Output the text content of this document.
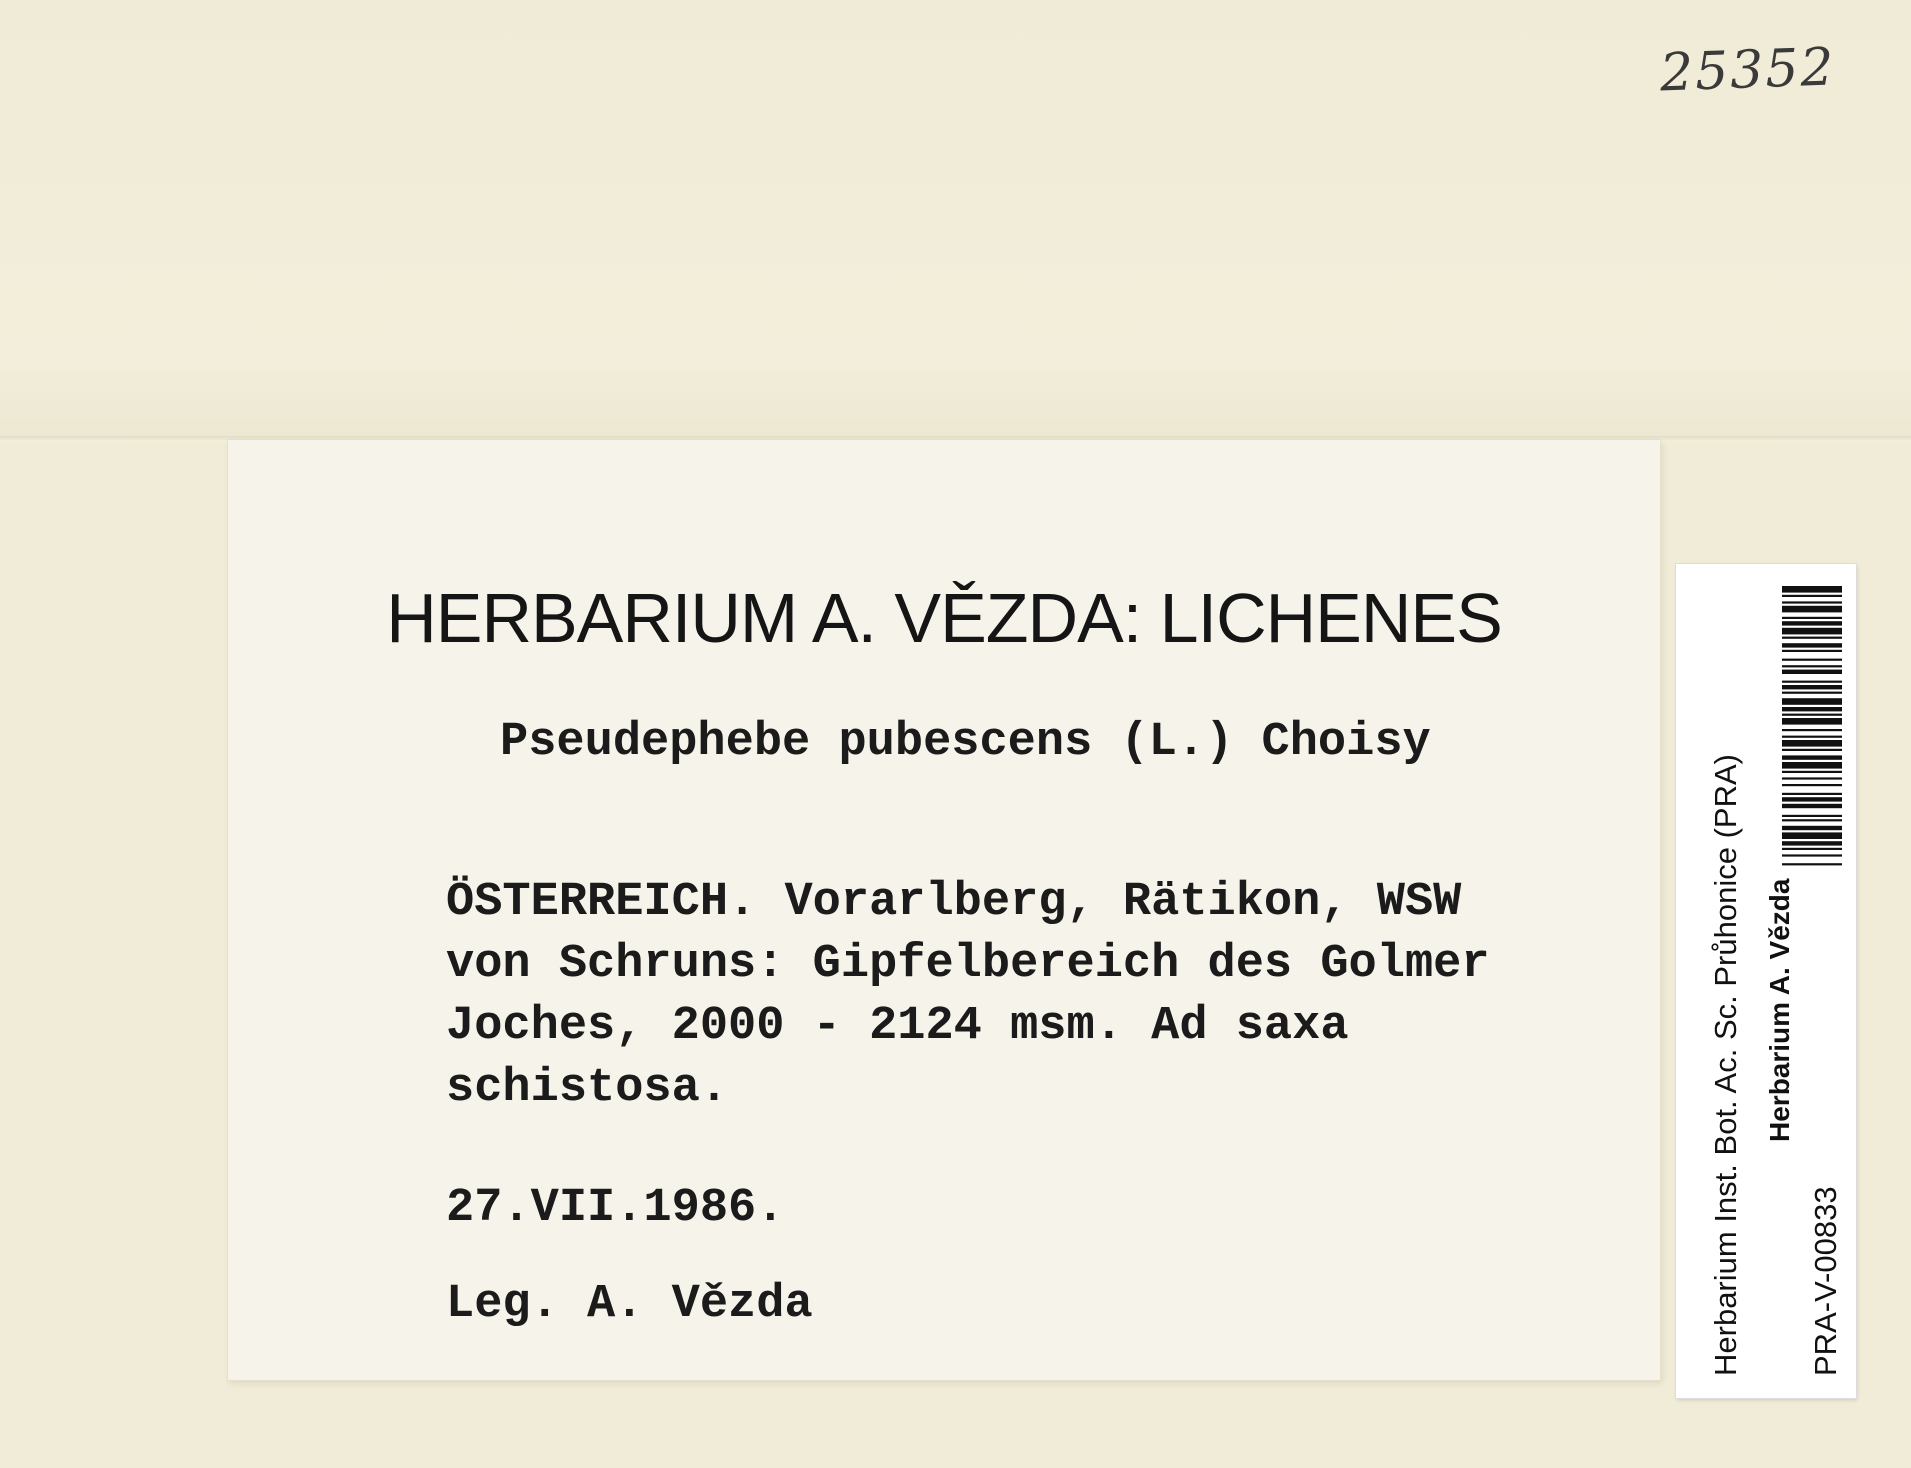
25352
HERBARIUM A. VĚZDA: LICHENES
Pseudephebe pubescens (L.) Choisy
ÖSTERREICH. Vorarlberg, Rätikon, WSW
von Schruns: Gipfelbereich des Golmer
Joches, 2000 - 2124 msm. Ad saxa
schistosa.
27.VII.1986.
Leg. A. Vězda	Herbarium Inst. Bot. Ac. Sc. Průhonice (PRA) Herbarium A. Vězda
PRA-V-00833
